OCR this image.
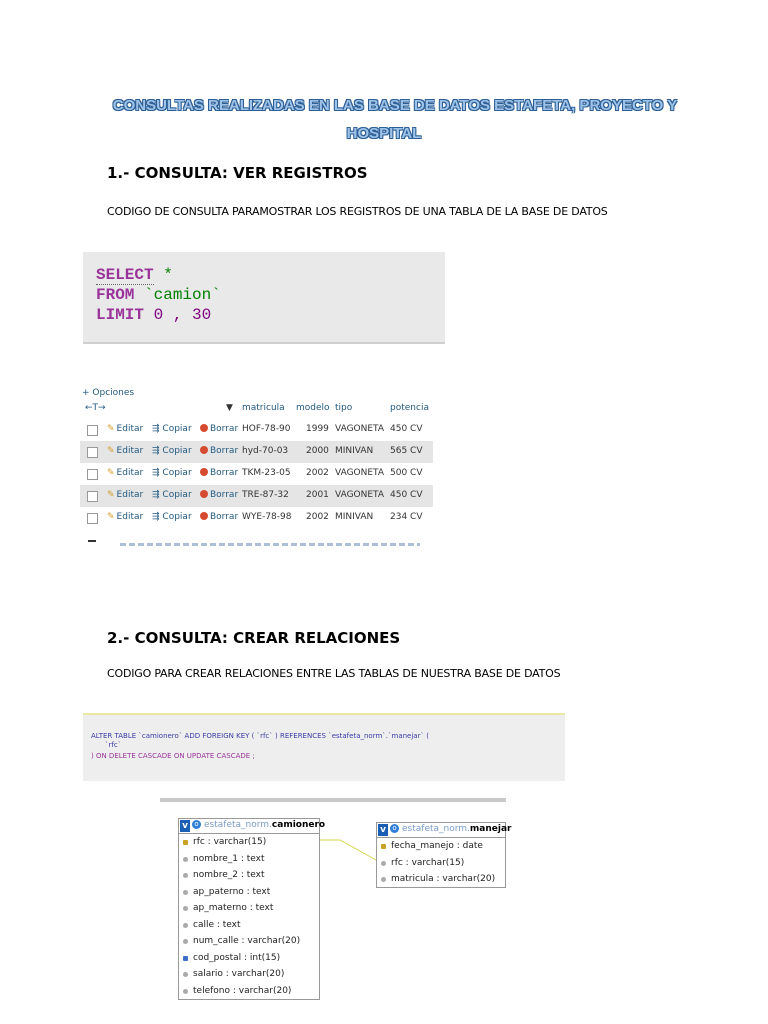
CONSULTAS REALIZADAS EN LAS BASE DE DATOS ESTAFETA, PROYECTO Y
HOSPITAL
1.- CONSULTA: VER REGISTROS
CODIGO DE CONSULTA PARAMOSTRAR LOS REGISTROS DE UNA TABLA DE LA BASE DE DATOS
SELECT *
FROM `camion`
LIMIT 0 , 30
+ Opciones
←T→	▼ matricula modelo tipo	potencia
✎ Editar ⇶ Copiar	Borrar HOF-78-90 1999 VAGONETA 450 CV
✎ Editar ⇶ Copiar	Borrar hyd-70-03 2000 MINIVAN 565 CV
✎ Editar ⇶ Copiar	Borrar TKM-23-05 2002 VAGONETA 500 CV
✎ Editar ⇶ Copiar	Borrar TRE-87-32 2001 VAGONETA 450 CV
✎ Editar ⇶ Copiar	Borrar WYE-78-98 2002 MINIVAN 234 CV
2.- CONSULTA: CREAR RELACIONES
CODIGO PARA CREAR RELACIONES ENTRE LAS TABLAS DE NUESTRA BASE DE DATOS
ALTER TABLE `camionero` ADD FOREIGN KEY ( `rfc` ) REFERENCES `estafeta_norm`.`manejar` (
`rfc`
) ON DELETE CASCADE ON UPDATE CASCADE ;
v o estafeta_norm.camionero
rfc : varchar(15)
nombre_1 : text
nombre_2 : text
ap_paterno : text
ap_materno : text
calle : text
num_calle : varchar(20)
cod_postal : int(15)
salario : varchar(20)
telefono : varchar(20)
v o estafeta_norm.manejar
fecha_manejo : date
rfc : varchar(15)
matricula : varchar(20)
